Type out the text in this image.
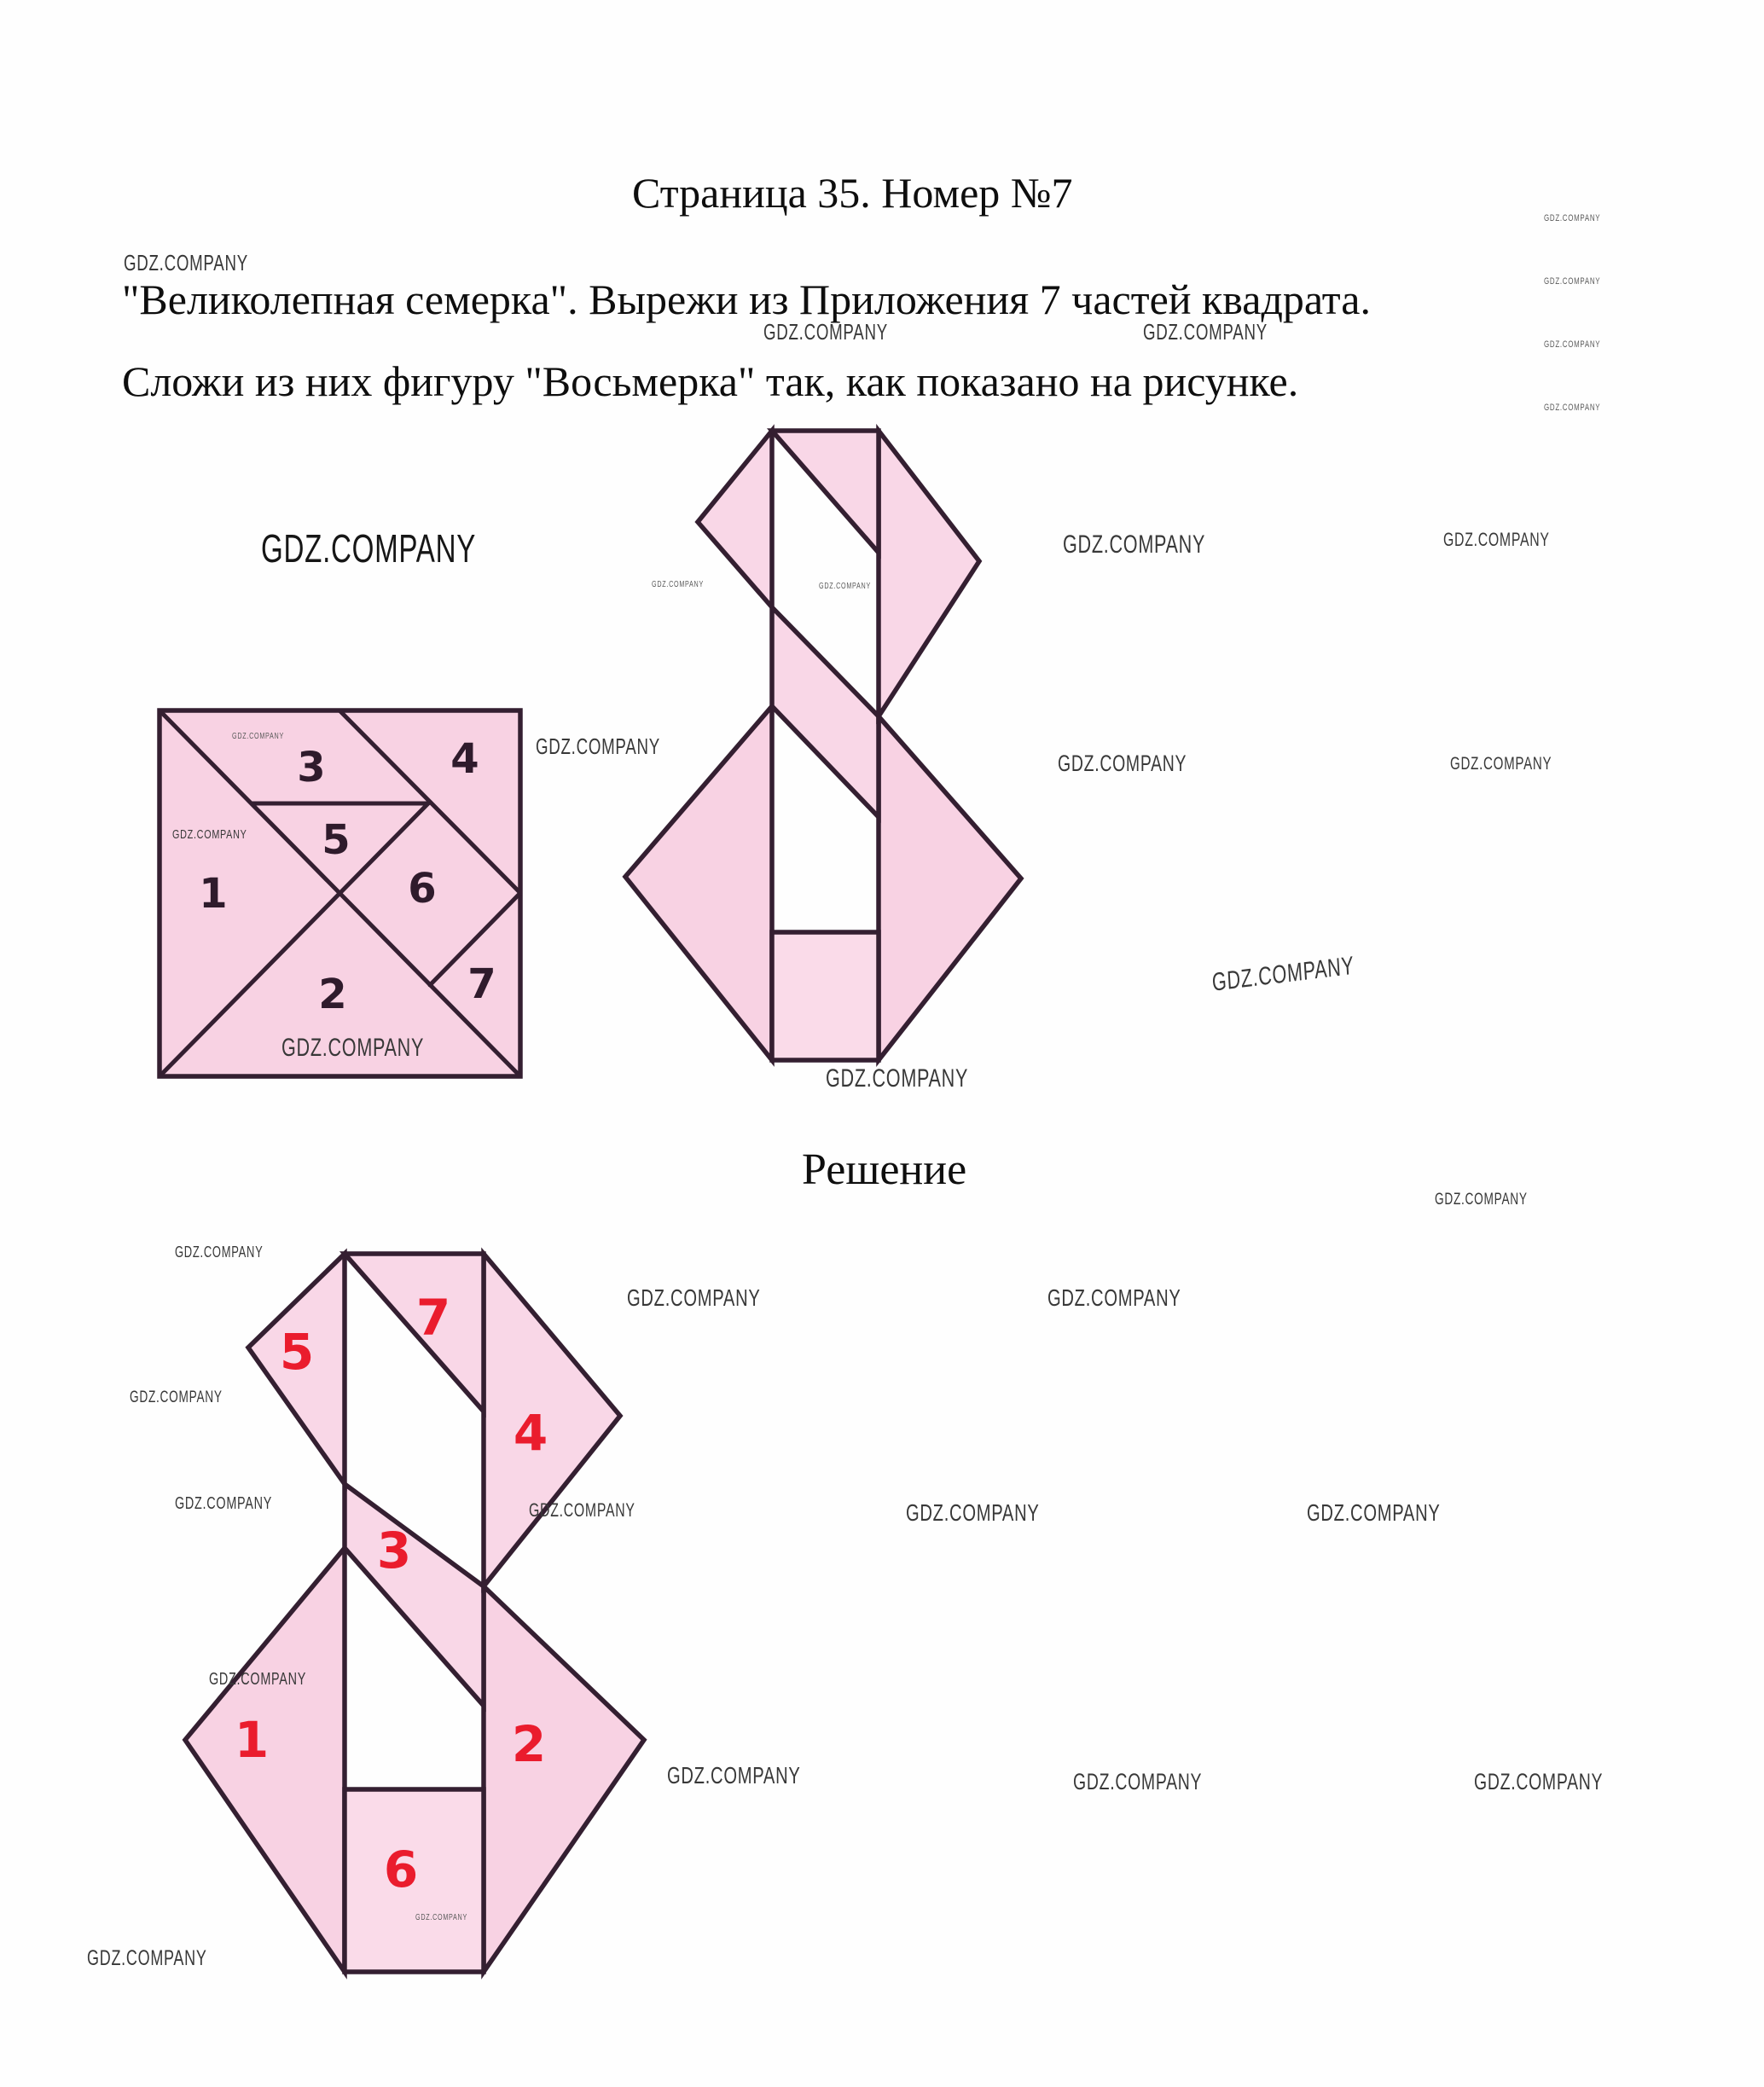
Страница 35. Номер №7
"Великолепная семерка". Вырежи из Приложения 7 частей квадрата.
Сложи из них фигуру "Восьмерка" так, как показано на рисунке.
Решение
1
2
3	4
5
6
7
1	2
3
4
5
6
7
GDZ.COMPANY
GDZ.COMPANY	GDZ.COMPANY
GDZ.COMPANY
GDZ.COMPANY
GDZ.COMPANY
GDZ.COMPANY
GDZ.COMPANY
GDZ.COMPANY	GDZ.COMPANY
GDZ.COMPANY	GDZ.COMPANY
GDZ.COMPANY
GDZ.COMPANY	GDZ.COMPANY
GDZ.COMPANY
GDZ.COMPANY
GDZ.COMPANY
GDZ.COMPANY
GDZ.COMPANY
GDZ.COMPANY
GDZ.COMPANY
GDZ.COMPANY	GDZ.COMPANY
GDZ.COMPANY
GDZ.COMPANY	GDZ.COMPANY	GDZ.COMPANY	GDZ.COMPANY
GDZ.COMPANY
GDZ.COMPANY	GDZ.COMPANY	GDZ.COMPANY
GDZ.COMPANY
GDZ.COMPANY
